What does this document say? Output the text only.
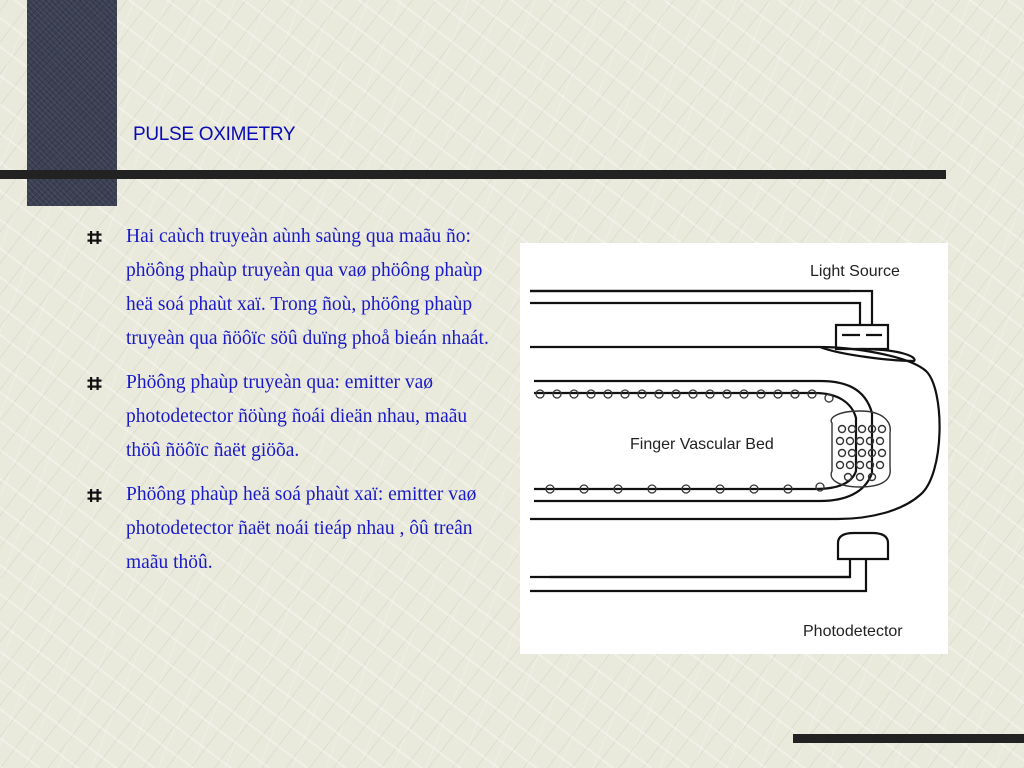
PULSE OXIMETRY
Hai caùch truyeàn aùnh saùng qua maãu ño: phöông phaùp truyeàn qua vaø phöông phaùp heä soá phaùt xaï. Trong ñoù, phöông phaùp truyeàn qua ñöôïc söû duïng phoå bieán nhaát.
Phöông phaùp truyeàn qua: emitter vaø photodetector ñöùng ñoái dieän nhau, maãu thöû ñöôïc ñaët giöõa.
Phöông phaùp heä soá phaùt xaï: emitter vaø photodetector ñaët noái tieáp nhau , ôû treân maãu thöû.
Light Source
Finger Vascular Bed
Photodetector
